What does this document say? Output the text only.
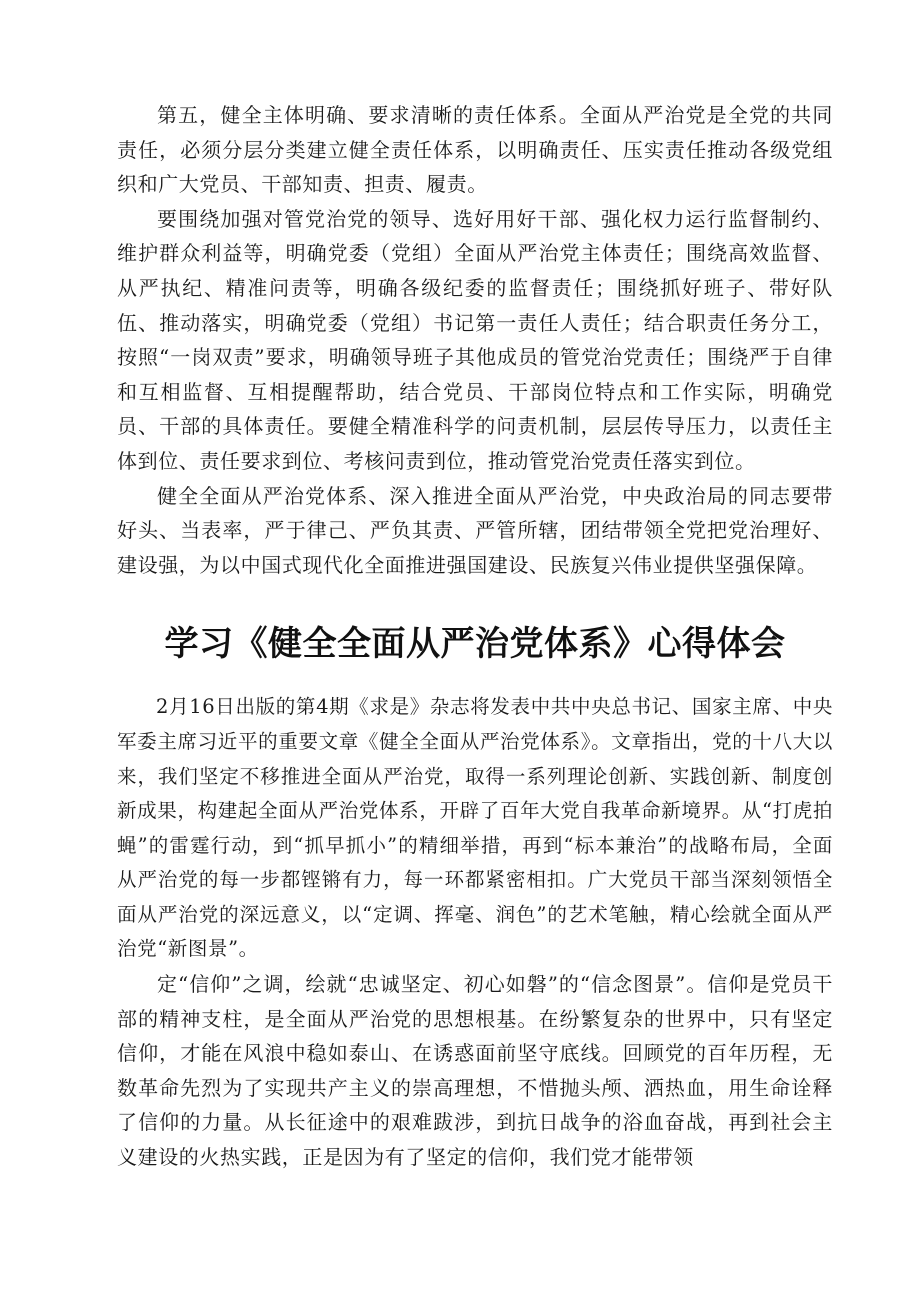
第五，健全主体明确、要求清晰的责任体系。全面从严治党是全党的共同责任，必须分层分类建立健全责任体系，以明确责任、压实责任推动各级党组织和广大党员、干部知责、担责、履责。

要围绕加强对管党治党的领导、选好用好干部、强化权力运行监督制约、维护群众利益等，明确党委（党组）全面从严治党主体责任；围绕高效监督、从严执纪、精准问责等，明确各级纪委的监督责任；围绕抓好班子、带好队伍、推动落实，明确党委（党组）书记第一责任人责任；结合职责任务分工，按照“一岗双责”要求，明确领导班子其他成员的管党治党责任；围绕严于自律和互相监督、互相提醒帮助，结合党员、干部岗位特点和工作实际，明确党员、干部的具体责任。要健全精准科学的问责机制，层层传导压力，以责任主体到位、责任要求到位、考核问责到位，推动管党治党责任落实到位。

健全全面从严治党体系、深入推进全面从严治党，中央政治局的同志要带好头、当表率，严于律己、严负其责、严管所辖，团结带领全党把党治理好、建设强，为以中国式现代化全面推进强国建设、民族复兴伟业提供坚强保障。

学习《健全全面从严治党体系》心得体会

2月16日出版的第4期《求是》杂志将发表中共中央总书记、国家主席、中央军委主席习近平的重要文章《健全全面从严治党体系》。文章指出，党的十八大以来，我们坚定不移推进全面从严治党，取得一系列理论创新、实践创新、制度创新成果，构建起全面从严治党体系，开辟了百年大党自我革命新境界。从“打虎拍蝇”的雷霆行动，到“抓早抓小”的精细举措，再到“标本兼治”的战略布局，全面从严治党的每一步都铿锵有力，每一环都紧密相扣。广大党员干部当深刻领悟全面从严治党的深远意义，以“定调、挥毫、润色”的艺术笔触，精心绘就全面从严治党“新图景”。

定“信仰”之调，绘就“忠诚坚定、初心如磐”的“信念图景”。信仰是党员干部的精神支柱，是全面从严治党的思想根基。在纷繁复杂的世界中，只有坚定信仰，才能在风浪中稳如泰山、在诱惑面前坚守底线。回顾党的百年历程，无数革命先烈为了实现共产主义的崇高理想，不惜抛头颅、洒热血，用生命诠释了信仰的力量。从长征途中的艰难跋涉，到抗日战争的浴血奋战，再到社会主义建设的火热实践，正是因为有了坚定的信仰，我们党才能带领
